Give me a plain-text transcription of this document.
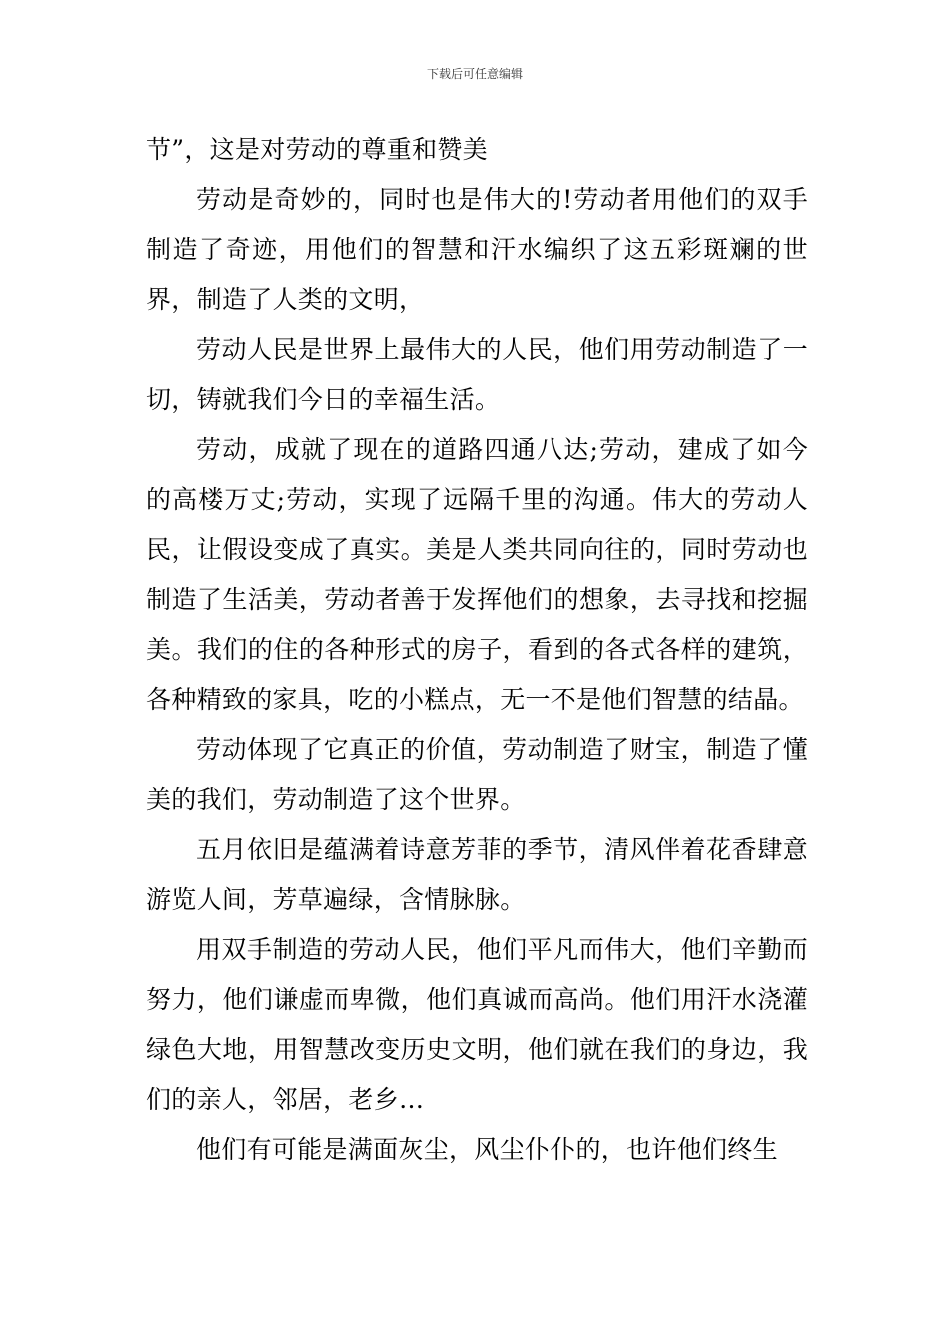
下载后可任意编辑

节”，这是对劳动的尊重和赞美

劳动是奇妙的，同时也是伟大的!劳动者用他们的双手制造了奇迹，用他们的智慧和汗水编织了这五彩斑斓的世界，制造了人类的文明，

劳动人民是世界上最伟大的人民，他们用劳动制造了一切，铸就我们今日的幸福生活。

劳动，成就了现在的道路四通八达;劳动，建成了如今的高楼万丈;劳动，实现了远隔千里的沟通。伟大的劳动人民，让假设变成了真实。美是人类共同向往的，同时劳动也制造了生活美，劳动者善于发挥他们的想象，去寻找和挖掘美。我们的住的各种形式的房子，看到的各式各样的建筑，各种精致的家具，吃的小糕点，无一不是他们智慧的结晶。

劳动体现了它真正的价值，劳动制造了财宝，制造了懂美的我们，劳动制造了这个世界。

五月依旧是蕴满着诗意芳菲的季节，清风伴着花香肆意游览人间，芳草遍绿，含情脉脉。

用双手制造的劳动人民，他们平凡而伟大，他们辛勤而努力，他们谦虚而卑微，他们真诚而高尚。他们用汗水浇灌绿色大地，用智慧改变历史文明，他们就在我们的身边，我们的亲人，邻居，老乡…

他们有可能是满面灰尘，风尘仆仆的，也许他们终生
